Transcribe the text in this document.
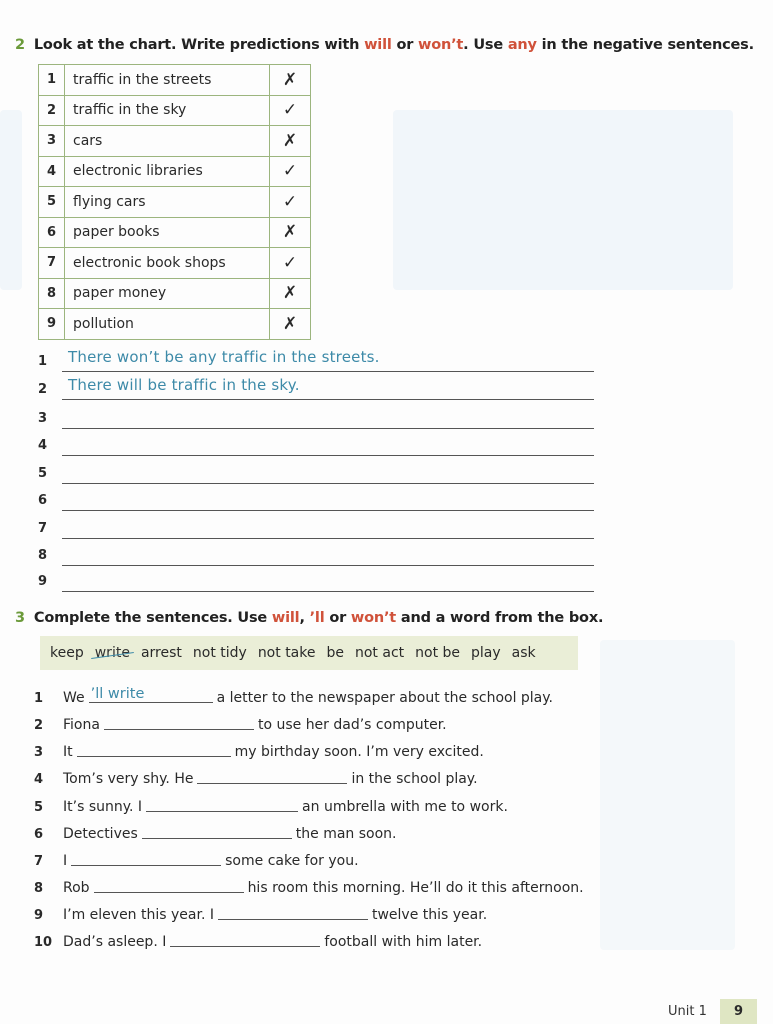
2 Look at the chart. Write predictions with will or won’t. Use any in the negative sentences.
1	traffic in the streets	✗
2	traffic in the sky	✓
3	cars	✗
4	electronic libraries	✓
5	flying cars	✓
6	paper books	✗
7	electronic book shops	✓
8	paper money	✗
9	pollution	✗
1 There won’t be any traffic in the streets.
2 There will be traffic in the sky.
3
4
5
6
7
8
9
3 Complete the sentences. Use will, ’ll or won’t and a word from the box.
keep write arrest not tidy not take be not act not be play ask
1	We ’ll write	a letter to the newspaper about the school play.
2	Fiona	to use her dad’s computer.
3	It	my birthday soon. I’m very excited.
4	Tom’s very shy. He	in the school play.
5	It’s sunny. I	an umbrella with me to work.
6	Detectives	the man soon.
7	I	some cake for you.
8	Rob	his room this morning. He’ll do it this afternoon.
9	I’m eleven this year. I	twelve this year.
10 Dad’s asleep. I	football with him later.
Unit 1	9
